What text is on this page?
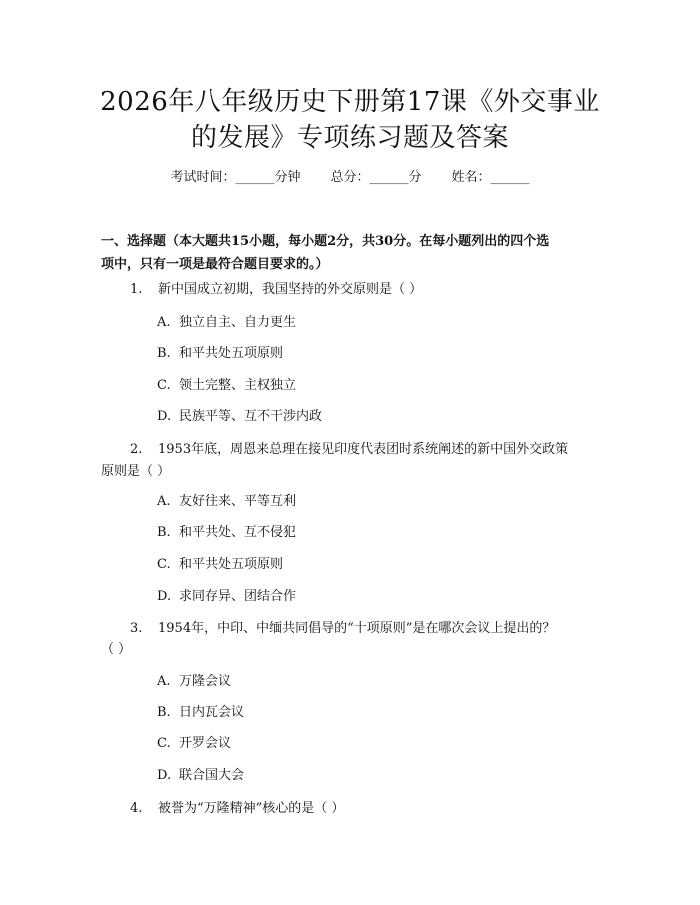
2026年八年级历史下册第17课《外交事业
的发展》专项练习题及答案
考试时间：______分钟 总分：______分 姓名：______
一、选择题（本大题共15小题，每小题2分，共30分。在每小题列出的四个选
项中，只有一项是最符合题目要求的。）
1. 新中国成立初期，我国坚持的外交原则是（ ）
A. 独立自主、自力更生
B. 和平共处五项原则
C. 领土完整、主权独立
D. 民族平等、互不干涉内政
2. 1953年底，周恩来总理在接见印度代表团时系统阐述的新中国外交政策
原则是（ ）
A. 友好往来、平等互利
B. 和平共处、互不侵犯
C. 和平共处五项原则
D. 求同存异、团结合作
3. 1954年，中印、中缅共同倡导的“十项原则”是在哪次会议上提出的？
（ ）
A. 万隆会议
B. 日内瓦会议
C. 开罗会议
D. 联合国大会
4. 被誉为“万隆精神”核心的是（ ）
